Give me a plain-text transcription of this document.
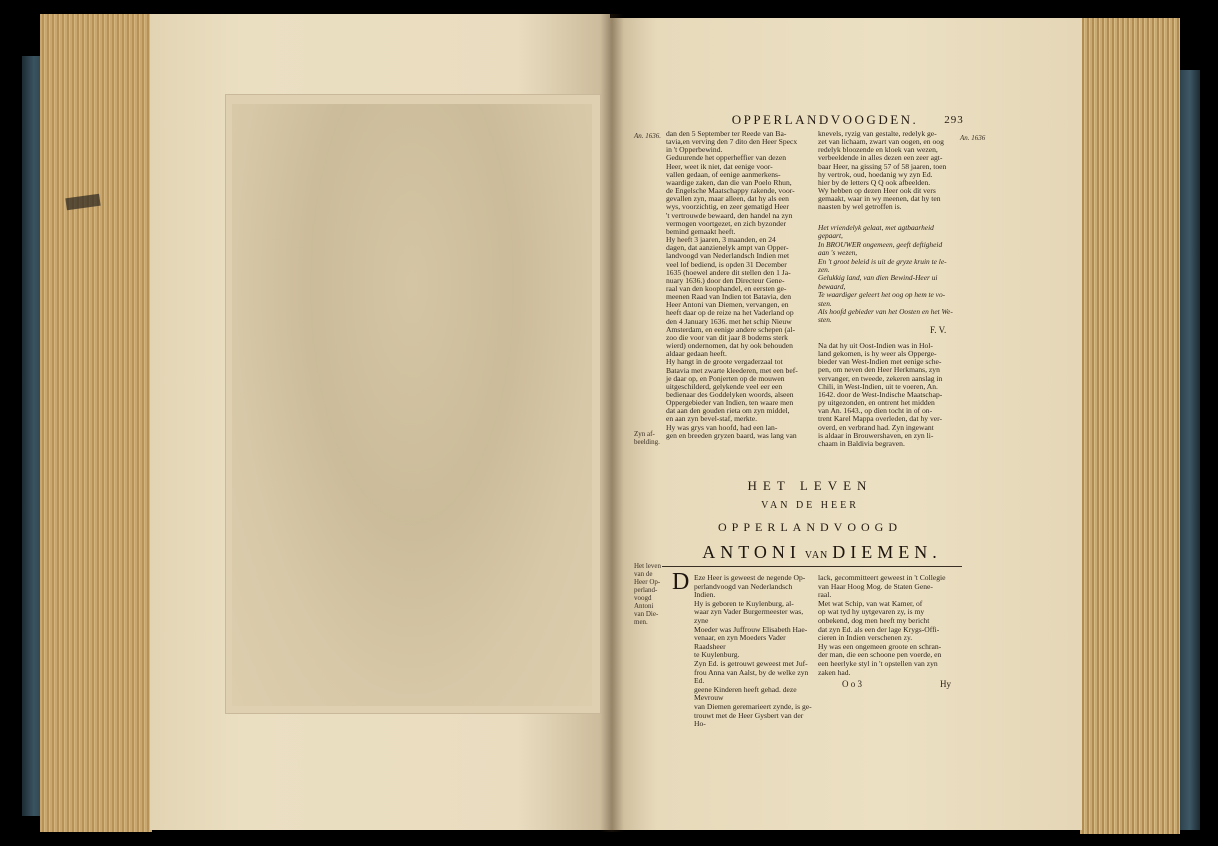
OPPERLANDVOOGDEN.	293
An. 1636.	An. 1636
dan den 5 September ter Reede van Ba-
tavia,en verving den 7 dito den Heer Specx
in 't Opperbewind.
Geduurende het opperheffier van dezen
Heer, weet ik niet, dat eenige voor-
vallen gedaan, of eenige aanmerkens-
waardige zaken, dan die van Poelo Rhun,
de Engelsche Maatschappy rakende, voor-
gevallen zyn, maar alleen, dat hy als een
wys, voorzichtig, en zeer gematigd Heer
't vertrouwde bewaard, den handel na zyn
vermogen voortgezet, en zich byzonder
bemind gemaakt heeft.
Hy heeft 3 jaaren, 3 maanden, en 24
dagen, dat aanzienelyk ampt van Opper-
landvoogd van Nederlandsch Indien met
veel lof bediend, is opden 31 December
1635 (hoewel andere dit stellen den 1 Ja-
nuary 1636.) door den Directeur Gene-
raal van den koophandel, en eersten ge-
meenen Raad van Indien tot Batavia, den
Heer Antoni van Diemen, vervangen, en
heeft daar op de reize na het Vaderland op
den 4 January 1636. met het schip Nieuw
Amsterdam, en eenige andere schepen (al-
zoo die voor van dit jaar 8 bodems sterk
wierd) ondernomen, dat hy ook behouden
aldaar gedaan heeft.
Hy hangt in de groote vergaderzaal tot
Batavia met zwarte kleederen, met een bef-
je daar op, en Ponjerten op de mouwen
uitgeschilderd, gelykende veel eer een
bedienaar des Goddelyken woords, alseen
Oppergebieder van Indien, ten waare men
dat aan den gouden rieta om zyn middel,
en aan zyn bevel-staf, merkte.
Hy was grys van hoofd, had een lan-
gen en breeden gryzen baard, was lang van
Zyn af-
beelding.
knevels, ryzig van gestalte, redelyk ge-
zet van lichaam, zwart van oogen, en oog
redelyk bloozende en kloek van wezen,
verbeeldende in alles dezen een zeer agt-
baar Heer, na gissing 57 of 58 jaaren, toen
hy vertrok, oud, hoedanig wy zyn Ed.
hier by de letters Q Q ook afbeelden.
Wy hebben op dezen Heer ook dit vers
gemaakt, waar in wy meenen, dat hy ten
naasten by wel getroffen is.
Het vriendelyk gelaat, met agtbaarheid
gepaart,
In BROUWER ongemeen, geeft deftigheid
aan 's wezen,
En 't groot beleid is uit de gryze kruin te le-
zen.
Gelukkig land, van dien Bewind-Heer ui
bewaard,
Te waardiger geleert het oog op hem te vo-
sten.
Als hoofd gebieder van het Oosten en het We-
sten.
F. V.
Na dat hy uit Oost-Indien was in Hol-
land gekomen, is hy weer als Opperge-
bieder van West-Indien met eenige sche-
pen, om neven den Heer Herkmans, zyn
vervanger, en tweede, zekeren aanslag in
Chili, in West-Indien, uit te voeren, An.
1642. door de West-Indische Maatschap-
py uitgezonden, en ontrent het midden
van An. 1643., op dien tocht in of on-
trent Karel Mappa overleden, dat hy ver-
overd, en verbrand had. Zyn ingewant
is aldaar in Brouwershaven, en zyn li-
chaam in Baldivia begraven.
HET LEVEN
VAN DE HEER
OPPERLANDVOOGD
ANTONI VAN DIEMEN.
Het leven
van de
Heer Op-
perland-
voogd
Antoni
van Die-
men.
D Eze Heer is geweest de negende Op-
perlandvoogd van Nederlandsch Indien.
Hy is geboren te Kuylenburg, al-
waar zyn Vader Burgermeester was, zyne
Moeder was Juffrouw Elisabeth Hae-
venaar, en zyn Moeders Vader Raadsheer
te Kuylenburg.
Zyn Ed. is getrouwt geweest met Juf-
frou Anna van Aalst, by de welke zyn Ed.
geene Kinderen heeft gehad. deze Mevrouw
van Diemen geremarieert zynde, is ge-
trouwt met de Heer Gysbert van der Ho-
lack, gecommitteert geweest in 't Collegie
van Haar Hoog Mog. de Staten Gene-
raal.
Met wat Schip, van wat Kamer, of
op wat tyd hy uytgevaren zy, is my
onbekend, dog men heeft my bericht
dat zyn Ed. als een der lage Krygs-Offi-
cieren in Indien verschenen zy.
Hy was een ongemeen groote en schran-
der man, die een schoone pen voerde, en
een heerlyke styl in 't opstellen van zyn
zaken had.
O o 3	Hy
